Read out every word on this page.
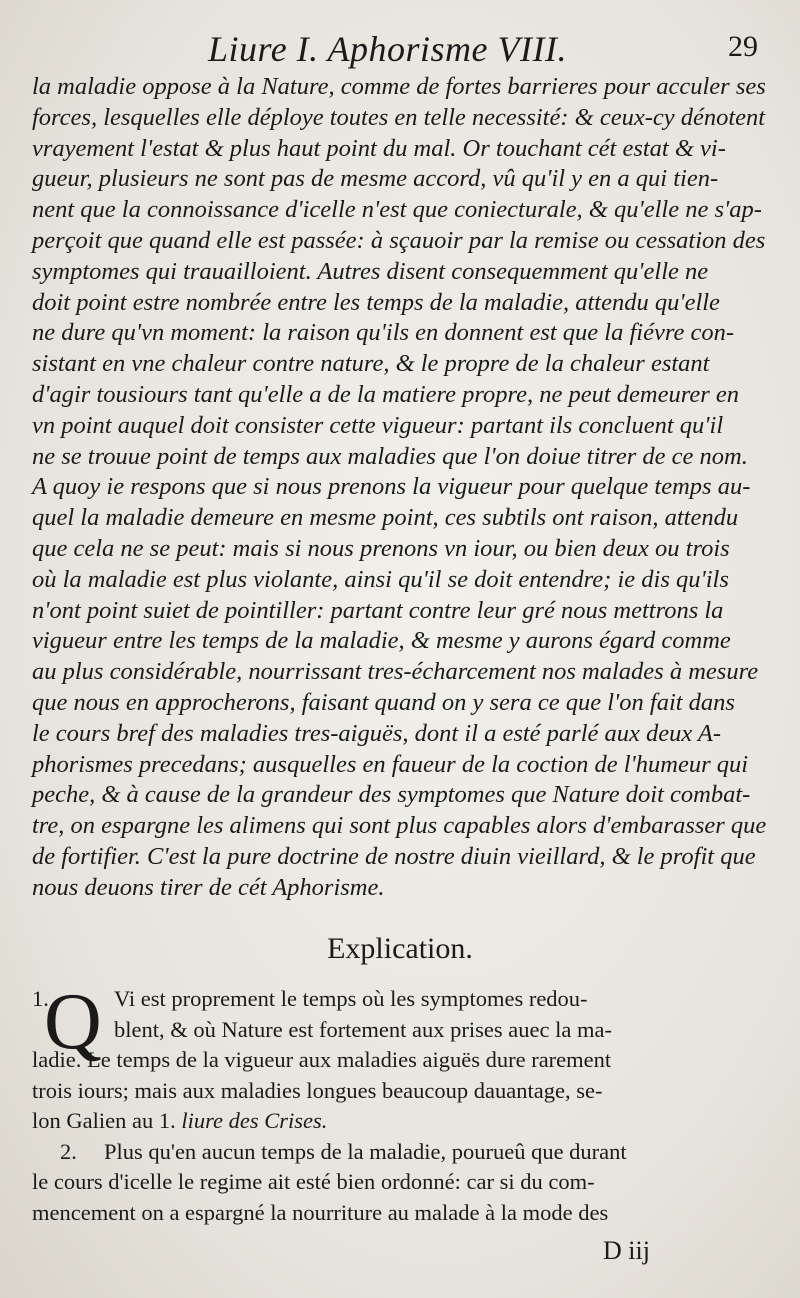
Liure I. Aphorisme VIII.	29
la maladie oppose à la Nature, comme de fortes barrieres pour acculer ses
forces, lesquelles elle déploye toutes en telle necessité: & ceux-cy dénotent
vrayement l'estat & plus haut point du mal. Or touchant cét estat & vi-
gueur, plusieurs ne sont pas de mesme accord, vû qu'il y en a qui tien-
nent que la connoissance d'icelle n'est que coniecturale, & qu'elle ne s'ap-
perçoit que quand elle est passée: à sçauoir par la remise ou cessation des
symptomes qui trauailloient. Autres disent consequemment qu'elle ne
doit point estre nombrée entre les temps de la maladie, attendu qu'elle
ne dure qu'vn moment: la raison qu'ils en donnent est que la fiévre con-
sistant en vne chaleur contre nature, & le propre de la chaleur estant
d'agir tousiours tant qu'elle a de la matiere propre, ne peut demeurer en
vn point auquel doit consister cette vigueur: partant ils concluent qu'il
ne se trouue point de temps aux maladies que l'on doiue titrer de ce nom.
A quoy ie respons que si nous prenons la vigueur pour quelque temps au-
quel la maladie demeure en mesme point, ces subtils ont raison, attendu
que cela ne se peut: mais si nous prenons vn iour, ou bien deux ou trois
où la maladie est plus violante, ainsi qu'il se doit entendre; ie dis qu'ils
n'ont point suiet de pointiller: partant contre leur gré nous mettrons la
vigueur entre les temps de la maladie, & mesme y aurons égard comme
au plus considérable, nourrissant tres-écharcement nos malades à mesure
que nous en approcherons, faisant quand on y sera ce que l'on fait dans
le cours bref des maladies tres-aiguës, dont il a esté parlé aux deux A-
phorismes precedans; ausquelles en faueur de la coction de l'humeur qui
peche, & à cause de la grandeur des symptomes que Nature doit combat-
tre, on espargne les alimens qui sont plus capables alors d'embarasser que
de fortifier. C'est la pure doctrine de nostre diuin vieillard, & le profit que
nous deuons tirer de cét Aphorisme.
Explication.
Q
1.	Vi est proprement le temps où les symptomes redou-
blent, & où Nature est fortement aux prises auec la ma-
ladie. Le temps de la vigueur aux maladies aiguës dure rarement
trois iours; mais aux maladies longues beaucoup dauantage, se-
lon Galien au 1. liure des Crises.
2. Plus qu'en aucun temps de la maladie, pourueû que durant
le cours d'icelle le regime ait esté bien ordonné: car si du com-
mencement on a espargné la nourriture au malade à la mode des
D iij
